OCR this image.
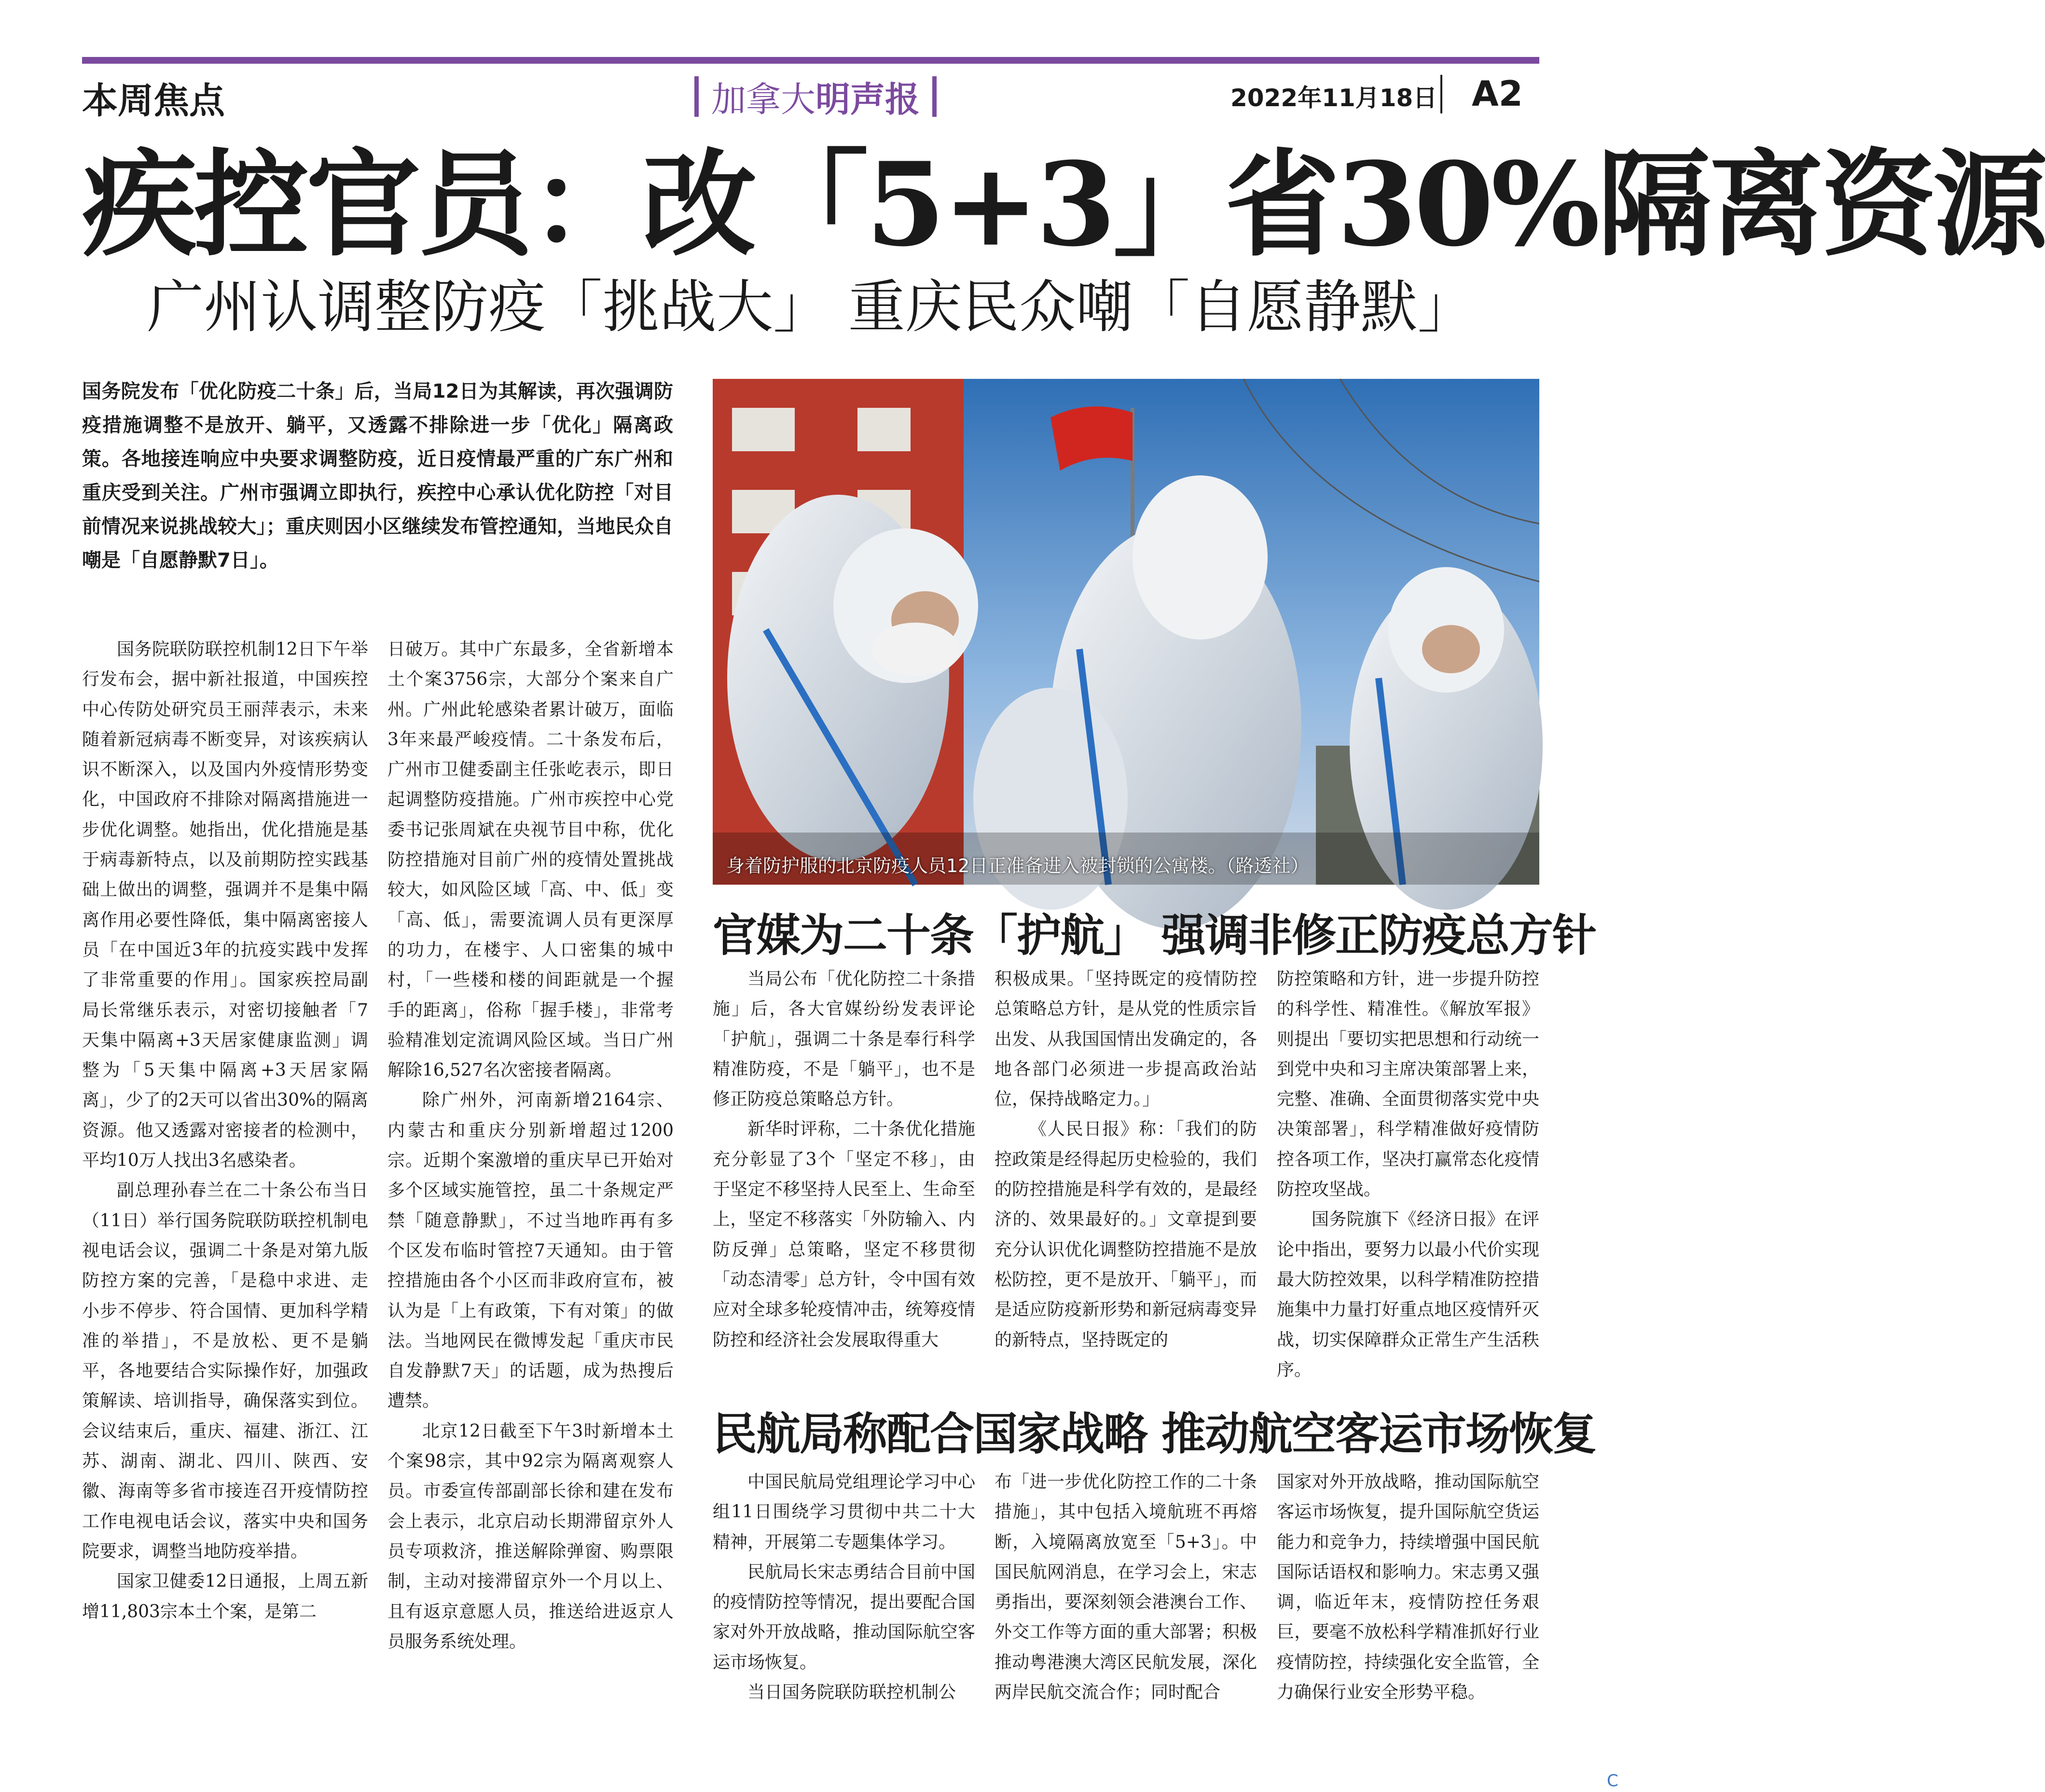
本周焦点	加拿大明声报	2022年11月18日 A2
疾控官员：改「5+3」省30%隔离资源
广州认调整防疫「挑战大」 重庆民众嘲「自愿静默」
国务院发布「优化防疫二十条」后，当局12日为其解读，再次强调防疫措施调整不是放开、躺平，又透露不排除进一步「优化」隔离政策。各地接连响应中央要求调整防疫，近日疫情最严重的广东广州和重庆受到关注。广州市强调立即执行，疾控中心承认优化防控「对目前情况来说挑战较大」；重庆则因小区继续发布管控通知，当地民众自嘲是「自愿静默7日」。

国务院联防联控机制12日下午举行发布会，据中新社报道，中国疾控中心传防处研究员王丽萍表示，未来随着新冠病毒不断变异，对该疾病认识不断深入，以及国内外疫情形势变化，中国政府不排除对隔离措施进一步优化调整。她指出，优化措施是基于病毒新特点，以及前期防控实践基础上做出的调整，强调并不是集中隔离作用必要性降低，集中隔离密接人员「在中国近3年的抗疫实践中发挥了非常重要的作用」。国家疾控局副局长常继乐表示，对密切接触者「7天集中隔离+3天居家健康监测」调整为「5天集中隔离+3天居家隔离」，少了的2天可以省出30%的隔离资源。他又透露对密接者的检测中，平均10万人找出3名感染者。

副总理孙春兰在二十条公布当日（11日）举行国务院联防联控机制电视电话会议，强调二十条是对第九版防控方案的完善，「是稳中求进、走小步不停步、符合国情、更加科学精准的举措」，不是放松、更不是躺平，各地要结合实际操作好，加强政策解读、培训指导，确保落实到位。会议结束后，重庆、福建、浙江、江苏、湖南、湖北、四川、陕西、安徽、海南等多省市接连召开疫情防控工作电视电话会议，落实中央和国务院要求，调整当地防疫举措。

国家卫健委12日通报，上周五新增11,803宗本土个案，是第二

日破万。其中广东最多，全省新增本土个案3756宗，大部分个案来自广州。广州此轮感染者累计破万，面临3年来最严峻疫情。二十条发布后，广州市卫健委副主任张屹表示，即日起调整防疫措施。广州市疾控中心党委书记张周斌在央视节目中称，优化防控措施对目前广州的疫情处置挑战较大，如风险区域「高、中、低」变「高、低」，需要流调人员有更深厚的功力，在楼宇、人口密集的城中村，「一些楼和楼的间距就是一个握手的距离」，俗称「握手楼」，非常考验精准划定流调风险区域。当日广州解除16,527名次密接者隔离。

除广州外，河南新增2164宗、内蒙古和重庆分别新增超过1200宗。近期个案激增的重庆早已开始对多个区域实施管控，虽二十条规定严禁「随意静默」，不过当地昨再有多个区发布临时管控7天通知。由于管控措施由各个小区而非政府宣布，被认为是「上有政策，下有对策」的做法。当地网民在微博发起「重庆市民自发静默7天」的话题，成为热搜后遭禁。

北京12日截至下午3时新增本土个案98宗，其中92宗为隔离观察人员。市委宣传部副部长徐和建在发布会上表示，北京启动长期滞留京外人员专项救济，推送解除弹窗、购票限制，主动对接滞留京外一个月以上、且有返京意愿人员，推送给进返京人员服务系统处理。

身着防护服的北京防疫人员12日正准备进入被封锁的公寓楼。（路透社）
官媒为二十条「护航」 强调非修正防疫总方针

当局公布「优化防控二十条措施」后，各大官媒纷纷发表评论「护航」，强调二十条是奉行科学精准防疫，不是「躺平」，也不是修正防疫总策略总方针。

新华时评称，二十条优化措施充分彰显了3个「坚定不移」，由于坚定不移坚持人民至上、生命至上，坚定不移落实「外防输入、内防反弹」总策略，坚定不移贯彻「动态清零」总方针，令中国有效应对全球多轮疫情冲击，统筹疫情防控和经济社会发展取得重大

积极成果。「坚持既定的疫情防控总策略总方针，是从党的性质宗旨出发、从我国国情出发确定的，各地各部门必须进一步提高政治站位，保持战略定力。」

《人民日报》称：「我们的防控政策是经得起历史检验的，我们的防控措施是科学有效的，是最经济的、效果最好的。」文章提到要充分认识优化调整防控措施不是放松防控，更不是放开、「躺平」，而是适应防疫新形势和新冠病毒变异的新特点，坚持既定的

防控策略和方针，进一步提升防控的科学性、精准性。《解放军报》则提出「要切实把思想和行动统一到党中央和习主席决策部署上来，完整、准确、全面贯彻落实党中央决策部署」，科学精准做好疫情防控各项工作，坚决打赢常态化疫情防控攻坚战。

国务院旗下《经济日报》在评论中指出，要努力以最小代价实现最大防控效果，以科学精准防控措施集中力量打好重点地区疫情歼灭战，切实保障群众正常生产生活秩序。

民航局称配合国家战略 推动航空客运市场恢复

中国民航局党组理论学习中心组11日围绕学习贯彻中共二十大精神，开展第二专题集体学习。

民航局长宋志勇结合目前中国的疫情防控等情况，提出要配合国家对外开放战略，推动国际航空客运市场恢复。

当日国务院联防联控机制公

布「进一步优化防控工作的二十条措施」，其中包括入境航班不再熔断，入境隔离放宽至「5+3」。中国民航网消息，在学习会上，宋志勇指出，要深刻领会港澳台工作、外交工作等方面的重大部署；积极推动粤港澳大湾区民航发展，深化两岸民航交流合作；同时配合

国家对外开放战略，推动国际航空客运市场恢复，提升国际航空货运能力和竞争力，持续增强中国民航国际话语权和影响力。宋志勇又强调，临近年末，疫情防控任务艰巨，要毫不放松科学精准抓好行业疫情防控，持续强化安全监管，全力确保行业安全形势平稳。

C
